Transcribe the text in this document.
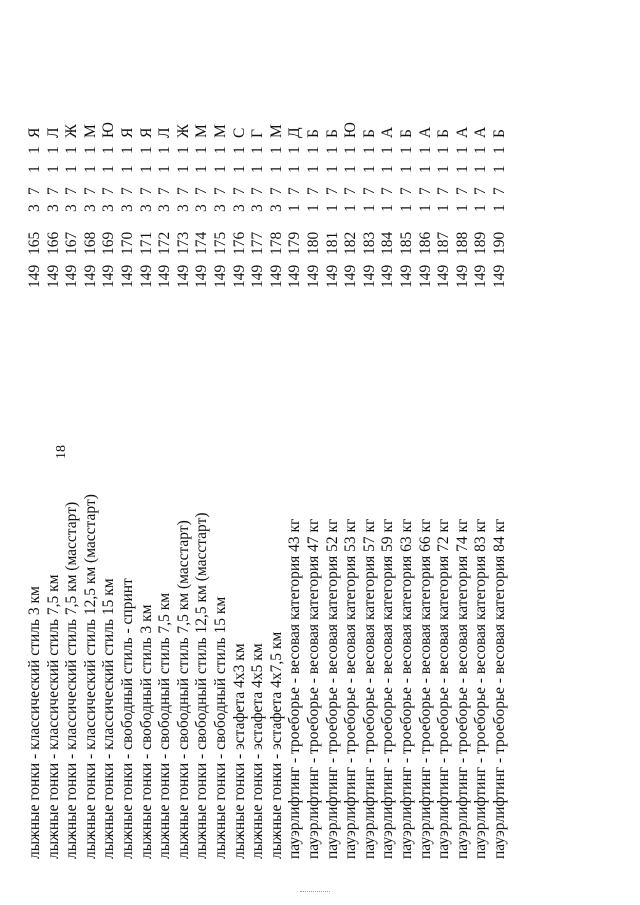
18
лыжные гонки - классический стиль 3 км
149
165
3
7
1
1
Я
лыжные гонки - классический стиль 7,5 км
149
166
3
7
1
1
Л
лыжные гонки - классический стиль 7,5 км (масстарт)
149
167
3
7
1
1
Ж
лыжные гонки - классический стиль 12,5 км (масстарт)
149
168
3
7
1
1
М
лыжные гонки - классический стиль 15 км
149
169
3
7
1
1
Ю
лыжные гонки - свободный стиль - спринт
149
170
3
7
1
1
Я
лыжные гонки - свободный стиль 3 км
149
171
3
7
1
1
Я
лыжные гонки - свободный стиль 7,5 км
149
172
3
7
1
1
Л
лыжные гонки - свободный стиль 7,5 км (масстарт)
149
173
3
7
1
1
Ж
лыжные гонки - свободный стиль 12,5 км (масстарт)
149
174
3
7
1
1
М
лыжные гонки - свободный стиль 15 км
149
175
3
7
1
1
М
лыжные гонки - эстафета 4х3 км
149
176
3
7
1
1
С
лыжные гонки - эстафета 4х5 км
149
177
3
7
1
1
Г
лыжные гонки - эстафета 4х7,5 км
149
178
3
7
1
1
М
пауэрлифтинг - троеборье - весовая категория 43 кг
149
179
1
7
1
1
Д
пауэрлифтинг - троеборье - весовая категория 47 кг
149
180
1
7
1
1
Б
пауэрлифтинг - троеборье - весовая категория 52 кг
149
181
1
7
1
1
Б
пауэрлифтинг - троеборье - весовая категория 53 кг
149
182
1
7
1
1
Ю
пауэрлифтинг - троеборье - весовая категория 57 кг
149
183
1
7
1
1
Б
пауэрлифтинг - троеборье - весовая категория 59 кг
149
184
1
7
1
1
А
пауэрлифтинг - троеборье - весовая категория 63 кг
149
185
1
7
1
1
Б
пауэрлифтинг - троеборье - весовая категория 66 кг
149
186
1
7
1
1
А
пауэрлифтинг - троеборье - весовая категория 72 кг
149
187
1
7
1
1
Б
пауэрлифтинг - троеборье - весовая категория 74 кг
149
188
1
7
1
1
А
пауэрлифтинг - троеборье - весовая категория 83 кг
149
189
1
7
1
1
А
пауэрлифтинг - троеборье - весовая категория 84 кг
149
190
1
7
1
1
Б
